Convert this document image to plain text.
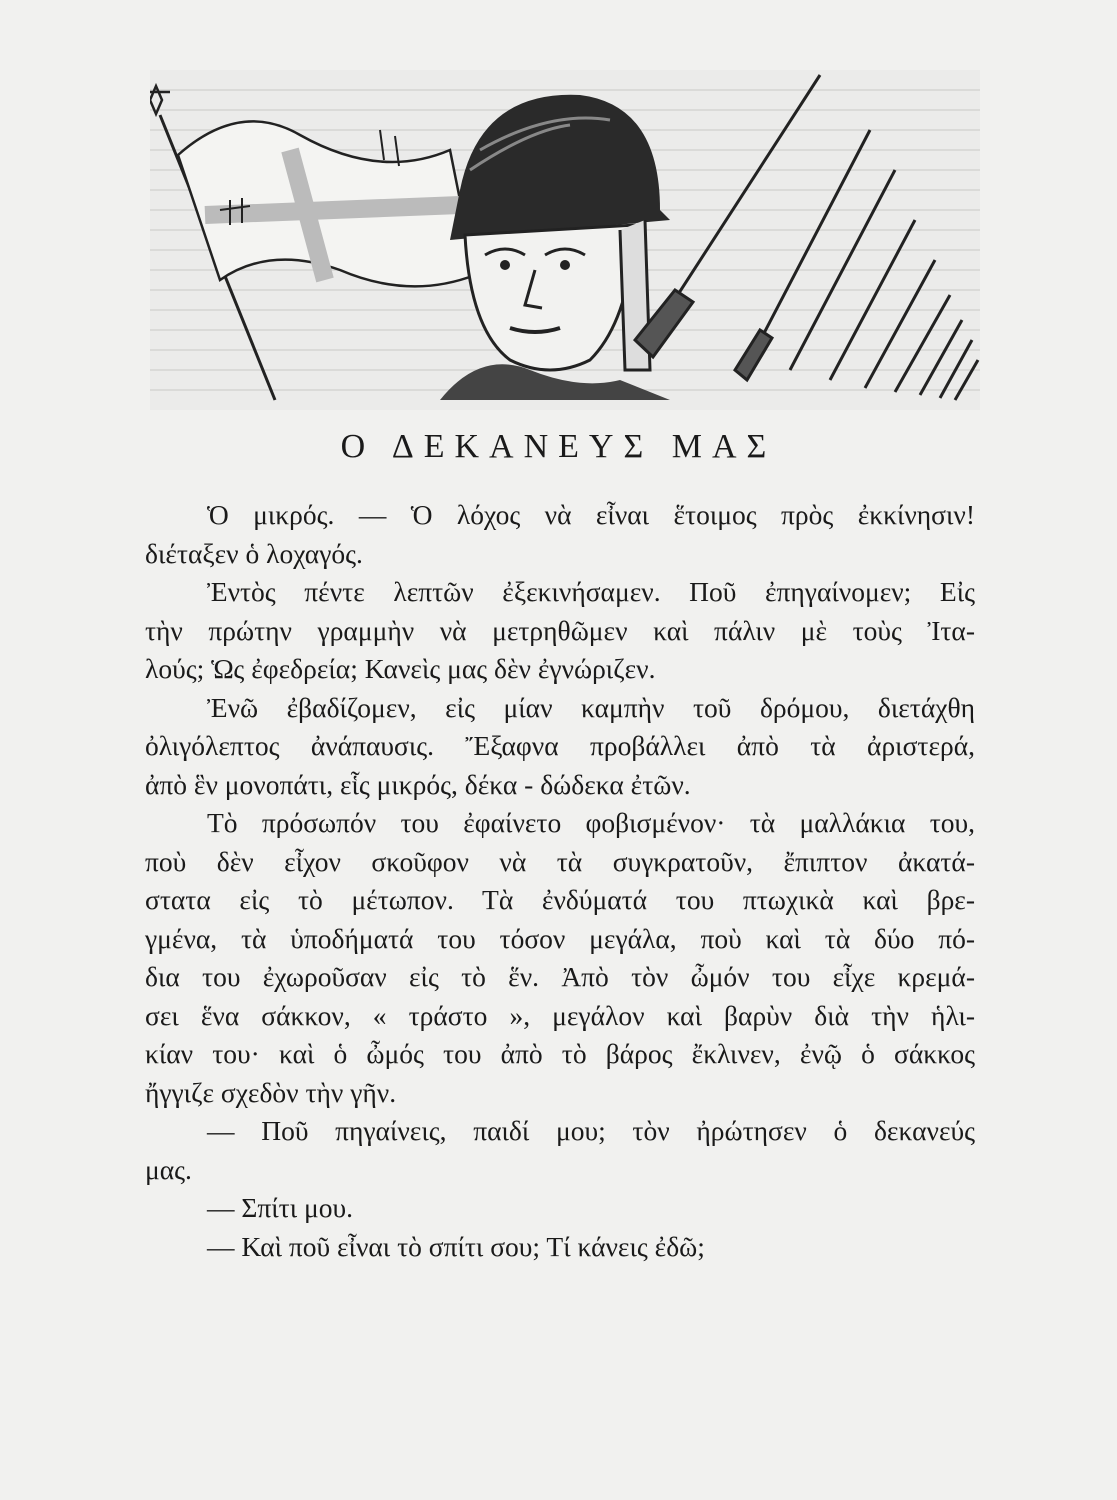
Ο ΔΕΚΑΝΕΥΣ ΜΑΣ

Ὁ μικρός. — Ὁ λόχος νὰ εἶναι ἕτοιμος πρὸς ἐκκίνησιν!
διέταξεν ὁ λοχαγός.

Ἐντὸς πέντε λεπτῶν ἐξεκινήσαμεν. Ποῦ ἐπηγαίνομεν; Εἰς
τὴν πρώτην γραμμὴν νὰ μετρηθῶμεν καὶ πάλιν μὲ τοὺς Ἰτα-
λούς; Ὡς ἐφεδρεία; Κανεὶς μας δὲν ἐγνώριζεν.

Ἐνῶ ἐβαδίζομεν, εἰς μίαν καμπὴν τοῦ δρόμου, διετάχθη
ὀλιγόλεπτος ἀνάπαυσις. Ἔξαφνα προβάλλει ἀπὸ τὰ ἀριστερά,
ἀπὸ ἓν μονοπάτι, εἷς μικρός, δέκα - δώδεκα ἐτῶν.

Τὸ πρόσωπόν του ἐφαίνετο φοβισμένον· τὰ μαλλάκια του,
ποὺ δὲν εἶχον σκοῦφον νὰ τὰ συγκρατοῦν, ἔπιπτον ἀκατά-
στατα εἰς τὸ μέτωπον. Τὰ ἐνδύματά του πτωχικὰ καὶ βρε-
γμένα, τὰ ὑποδήματά του τόσον μεγάλα, ποὺ καὶ τὰ δύο πό-
δια του ἐχωροῦσαν εἰς τὸ ἕν. Ἀπὸ τὸν ὦμόν του εἶχε κρεμά-
σει ἕνα σάκκον, « τράστο », μεγάλον καὶ βαρὺν διὰ τὴν ἡλι-
κίαν του· καὶ ὁ ὦμός του ἀπὸ τὸ βάρος ἔκλινεν, ἐνῷ ὁ σάκκος
ἤγγιζε σχεδὸν τὴν γῆν.

— Ποῦ πηγαίνεις, παιδί μου; τὸν ἠρώτησεν ὁ δεκανεύς
μας.

— Σπίτι μου.

— Καὶ ποῦ εἶναι τὸ σπίτι σου; Τί κάνεις ἐδῶ;
